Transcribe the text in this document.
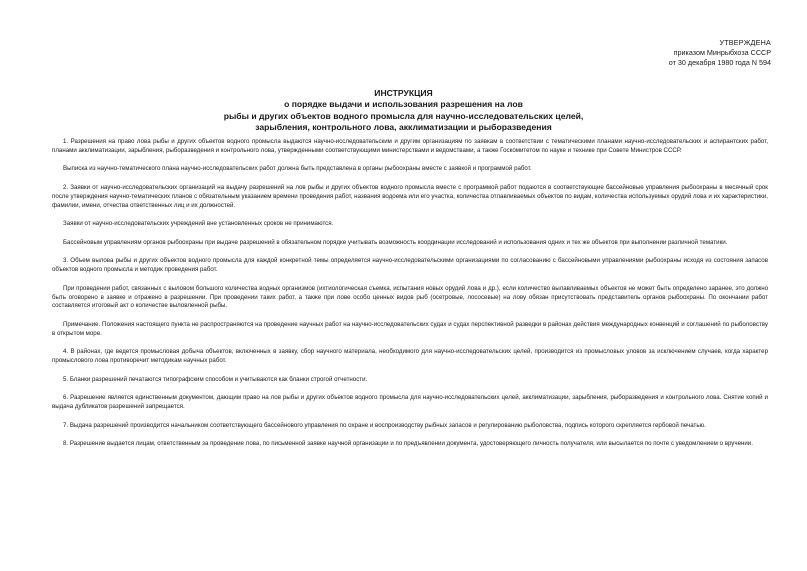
УТВЕРЖДЕНА
приказом Минрыбхоза СССР
от 30 декабря 1980 года N 594
ИНСТРУКЦИЯ
о порядке выдачи и использования разрешения на лов
рыбы и других объектов водного промысла для научно-исследовательских целей,
зарыбления, контрольного лова, акклиматизации и рыборазведения

1. Разрешения на право лова рыбы и других объектов водного промысла выдаются научно-исследовательским и другим организациям по заявкам в соответствии с тематическими планами научно-исследовательских и аспирантских работ, планами акклиматизации, зарыбления, рыборазведения и контрольного лова, утвержденными соответствующими министерствами и ведомствами, а также Госкомитетом по науке и технике при Совете Министров СССР.

Выписка из научно-тематического плана научно-исследовательских работ должна быть представлена в органы рыбоохраны вместе с заявкой и программой работ.

2. Заявки от научно-исследовательских организаций на выдачу разрешений на лов рыбы и других объектов водного промысла вместе с программой работ подаются в соответствующие бассейновые управления рыбоохраны в месячный срок после утверждения научно-тематических планов с обязательным указанием времени проведения работ, названия водоема или его участка, количества отлавливаемых объектов по видам, количества используемых орудий лова и их характеристики, фамилии, имени, отчества ответственных лиц и их должностей.

Заявки от научно-исследовательских учреждений вне установленных сроков не принимаются.

Бассейновым управлениям органов рыбоохраны при выдаче разрешений в обязательном порядке учитывать возможность координации исследований и использования одних и тех же объектов при выполнении различной тематики.

3. Объем вылова рыбы и других объектов водного промысла для каждой конкретной темы определяется научно-исследовательскими организациями по согласованию с бассейновыми управлениями рыбоохраны исходя из состояния запасов объектов водного промысла и методик проведения работ.

При проведении работ, связанных с выловом большого количества водных организмов (ихтиологическая съемка, испытания новых орудий лова и др.), если количество вылавливаемых объектов не может быть определено заранее, это должно быть оговорено в заявке и отражено в разрешении. При проведении таких работ, а также при лове особо ценных видов рыб (осетровые, лососевые) на лову обязан присутствовать представитель органов рыбоохраны. По окончании работ составляется итоговый акт о количестве выловленной рыбы.

Примечание. Положения настоящего пункта не распространяются на проведение научных работ на научно-исследовательских судах и судах перспективной разведки в районах действия международных конвенций и соглашений по рыболовству в открытом море.

4. В районах, где ведется промысловая добыча объектов, включенных в заявку, сбор научного материала, необходимого для научно-исследовательских целей, производится из промысловых уловов за исключением случаев, когда характер промыслового лова противоречит методикам научных работ.

5. Бланки разрешений печатаются типографским способом и учитываются как бланки строгой отчетности.

6. Разрешение является единственным документом, дающим право на лов рыбы и других объектов водного промысла для научно-исследовательских целей, акклиматизации, зарыбления, рыборазведения и контрольного лова. Снятие копий и выдача дубликатов разрешений запрещается.

7. Выдача разрешений производится начальником соответствующего бассейнового управления по охране и воспроизводству рыбных запасов и регулированию рыболовства, подпись которого скрепляется гербовой печатью.

8. Разрешение выдается лицам, ответственным за проведение лова, по письменной заявке научной организации и по предъявлении документа, удостоверяющего личность получателя, или высылается по почте с уведомлением о вручении.
